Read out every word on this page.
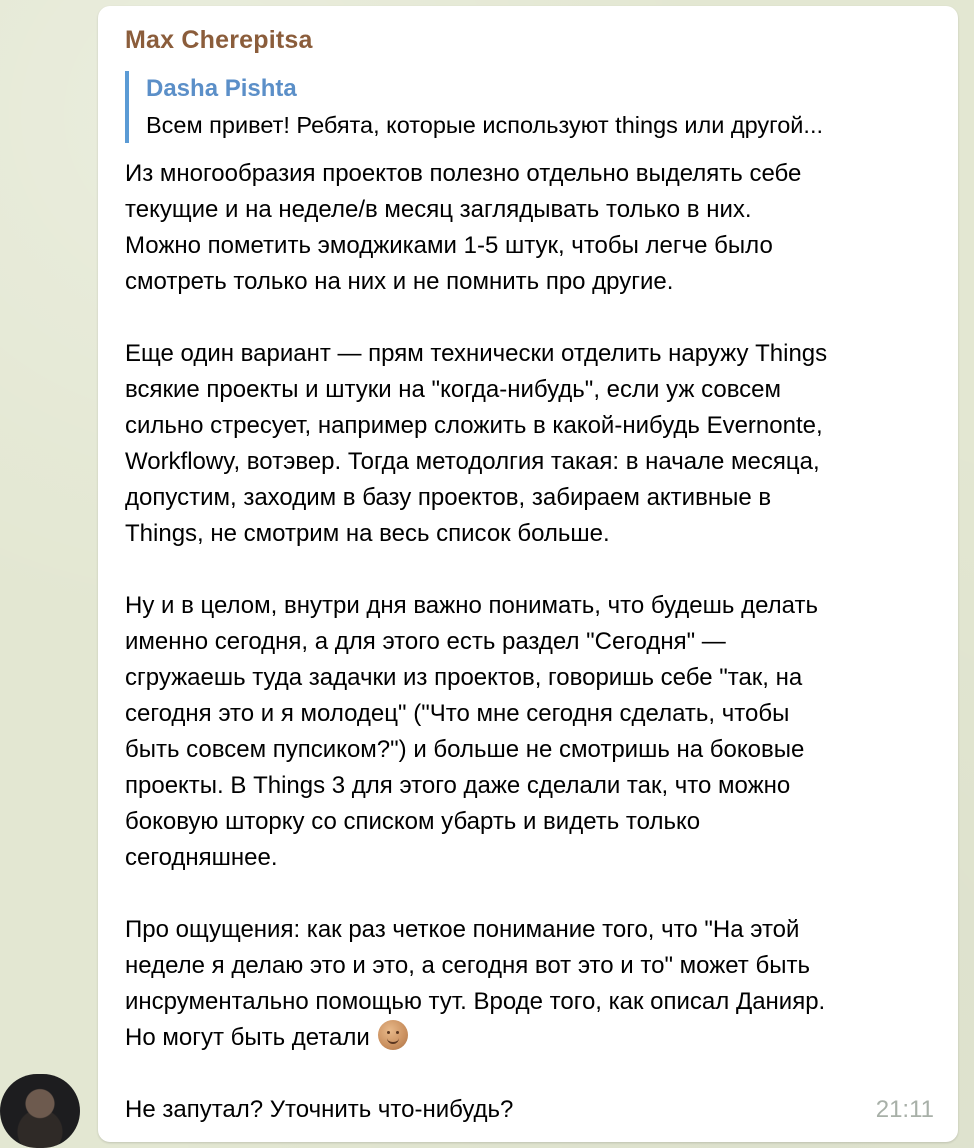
Max Cherepitsa
Dasha Pishta
Всем привет! Ребята, которые используют things или другой...

Из многообразия проектов полезно отдельно выделять себе
текущие и на неделе/в месяц заглядывать только в них.
Можно пометить эмоджиками 1-5 штук, чтобы легче было
смотреть только на них и не помнить про другие.

Еще один вариант — прям технически отделить наружу Things
всякие проекты и штуки на "когда-нибудь", если уж совсем
сильно стресует, например сложить в какой-нибудь Evernonte,
Workflowy, вотэвер. Тогда методолгия такая: в начале месяца,
допустим, заходим в базу проектов, забираем активные в
Things, не смотрим на весь список больше.

Ну и в целом, внутри дня важно понимать, что будешь делать
именно сегодня, а для этого есть раздел "Сегодня" —
сгружаешь туда задачки из проектов, говоришь себе "так, на
сегодня это и я молодец" ("Что мне сегодня сделать, чтобы
быть совсем пупсиком?") и больше не смотришь на боковые
проекты. В Things 3 для этого даже сделали так, что можно
боковую шторку со списком убарть и видеть только
сегодняшнее.

Про ощущения: как раз четкое понимание того, что "На этой
неделе я делаю это и это, а сегодня вот это и то" может быть
инсрументально помощью тут. Вроде того, как описал Данияр.
Но могут быть детали

Не запутал? Уточнить что-нибудь?	21:11
